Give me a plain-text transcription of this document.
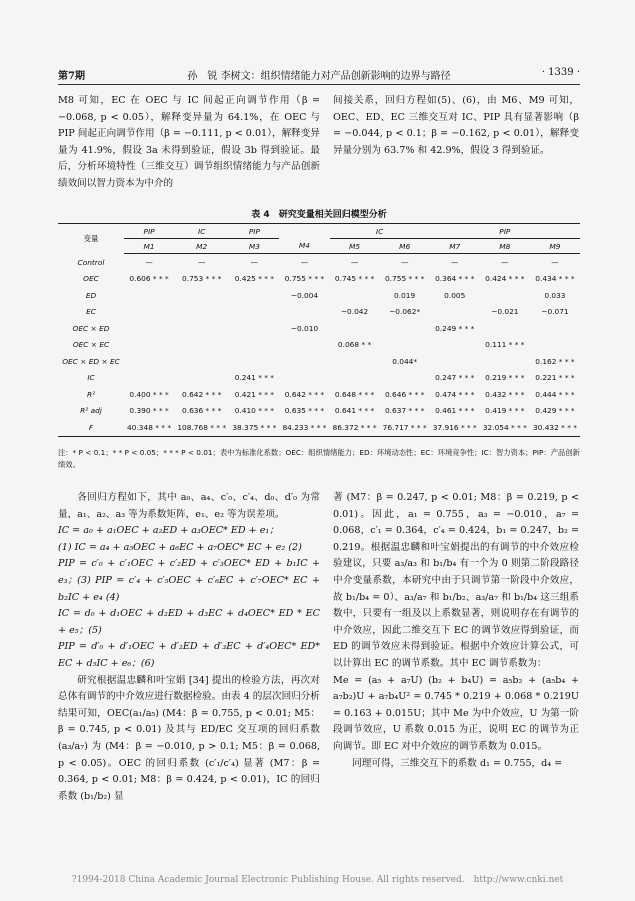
第7期	孙　锐 李树文：组织情绪能力对产品创新影响的边界与路径	· 1339 ·
M8 可知，EC 在 OEC 与 IC 间起正向调节作用（β = −0.068, p < 0.05），解释变异量为 64.1%，在 OEC 与 PIP 间起正向调节作用（β = −0.111, p < 0.01），解释变异量为 41.9%，假设 3a 未得到验证，假设 3b 得到验证。最后，分析环境特性（三维交互）调节组织情绪能力与产品创新绩效间以智力资本为中介的
间接关系，回归方程如(5)、(6)，由 M6、M9 可知，OEC、ED、EC 三维交互对 IC、PIP 具有显著影响（β = −0.044, p < 0.1；β = −0.162, p < 0.01），解释变异量分别为 63.7% 和 42.9%，假设 3 得到验证。
表 4　研究变量相关回归模型分析
变量	PIP	IC	PIP		IC		PIP		
	M1	M2	M3	M4	M5	M6	M7	M8	M9
Control	—	—	—	—	—	—	—	—	—
OEC	0.606 * * *	0.753 * * *	0.425 * * *	0.755 * * *	0.745 * * *	0.755 * * *	0.364 * * *	0.424 * * *	0.434 * * *
ED				−0.004		0.019	0.005		0.033
EC					−0.042	−0.062*		−0.021	−0.071
OEC × ED				−0.010			0.249 * * *		
OEC × EC					0.068 * *			0.111 * * *	
OEC × ED × EC						0.044*			0.162 * * *
IC			0.241 * * *				0.247 * * *	0.219 * * *	0.221 * * *
R²	0.400 * * *	0.642 * * *	0.421 * * *	0.642 * * *	0.648 * * *	0.646 * * *	0.474 * * *	0.432 * * *	0.444 * * *
R² adj	0.390 * * *	0.636 * * *	0.410 * * *	0.635 * * *	0.641 * * *	0.637 * * *	0.461 * * *	0.419 * * *	0.429 * * *
F	40.348 * * *	108.768 * * *	38.375 * * *	84.233 * * *	86.372 * * *	76.717 * * *	37.916 * * *	32.054 * * *	30.432 * * *
注：* P < 0.1；* * P < 0.05；* * * P < 0.01；表中为标准化系数；OEC：组织情绪能力；ED：环境动态性；EC：环境竞争性；IC：智力资本；PIP：产品创新绩效。
各回归方程如下，其中 a₀、a₄、c′₀、c′₄、d₀、d′₀ 为常量，a₁、a₂、a₃ 等为系数矩阵，e₁、e₂ 等为误差项。
IC = a₀ + a₁OEC + a₂ED + a₃OEC* ED + e₁；
(1) IC = a₄ + a₅OEC + a₆EC + a₇OEC* EC + e₂ (2)
PIP = c′₀ + c′₁OEC + c′₂ED + c′₃OEC* ED + b₁IC + e₃；(3) PIP = c′₄ + c′₅OEC + c′₆EC + c′₇OEC* EC + b₂IC + e₄ (4)
IC = d₀ + d₁OEC + d₂ED + d₃EC + d₄OEC* ED * EC + e₅；(5)
PIP = d′₀ + d′₁OEC + d′₂ED + d′₃EC + d′₄OEC* ED* EC + d₅IC + e₆；(6)
研究根据温忠麟和叶宝娟 [34] 提出的检验方法，再次对总体有调节的中介效应进行数据检验。由表 4 的层次回归分析结果可知，OEC(a₁/a₅) (M4：β = 0.755, p < 0.01; M5：β = 0.745, p < 0.01) 及其与 ED/EC 交互项的回归系数 (a₃/a₇) 为 (M4：β = −0.010, p > 0.1; M5：β = 0.068, p < 0.05)。OEC 的回归系数 (c′₁/c′₄) 显著 (M7：β = 0.364, p < 0.01; M8：β = 0.424, p < 0.01)，IC 的回归系数 (b₁/b₂) 显
著 (M7：β = 0.247, p < 0.01; M8：β = 0.219, p < 0.01)。因此，a₁ = 0.755，a₃ = −0.010，a₇ = 0.068，c′₁ = 0.364，c′₄ = 0.424，b₁ = 0.247，b₂ = 0.219。根据温忠麟和叶宝娟提出的有调节的中介效应检验建议，只要 a₃/a₃ 和 b₁/b₄ 有一个为 0 则第二阶段路径中介变量系数，本研究中由于只调节第一阶段中介效应，故 b₁/b₄ = 0）、a₃/a₇ 和 b₁/b₂、a₃/a₇ 和 b₁/b₄ 这三组系数中，只要有一组及以上系数显著，则说明存在有调节的中介效应，因此二维交互下 EC 的调节效应得到验证，而 ED 的调节效应未得到验证。根据中介效应计算公式，可以计算出 EC 的调节系数。其中 EC 调节系数为：
Me = (a₅ + a₇U) (b₂ + b₄U) = a₅b₂ + (a₅b₄ + a₇b₂)U + a₇b₄U² = 0.745 * 0.219 + 0.068 * 0.219U = 0.163 + 0.015U；其中 Me 为中介效应，U 为第一阶段调节效应，U 系数 0.015 为正，说明 EC 的调节为正向调节。即 EC 对中介效应的调节系数为 0.015。
同理可得，三维交互下的系数 d₁ = 0.755，d₄ =
?1994-2018 China Academic Journal Electronic Publishing House. All rights reserved.　http://www.cnki.net
